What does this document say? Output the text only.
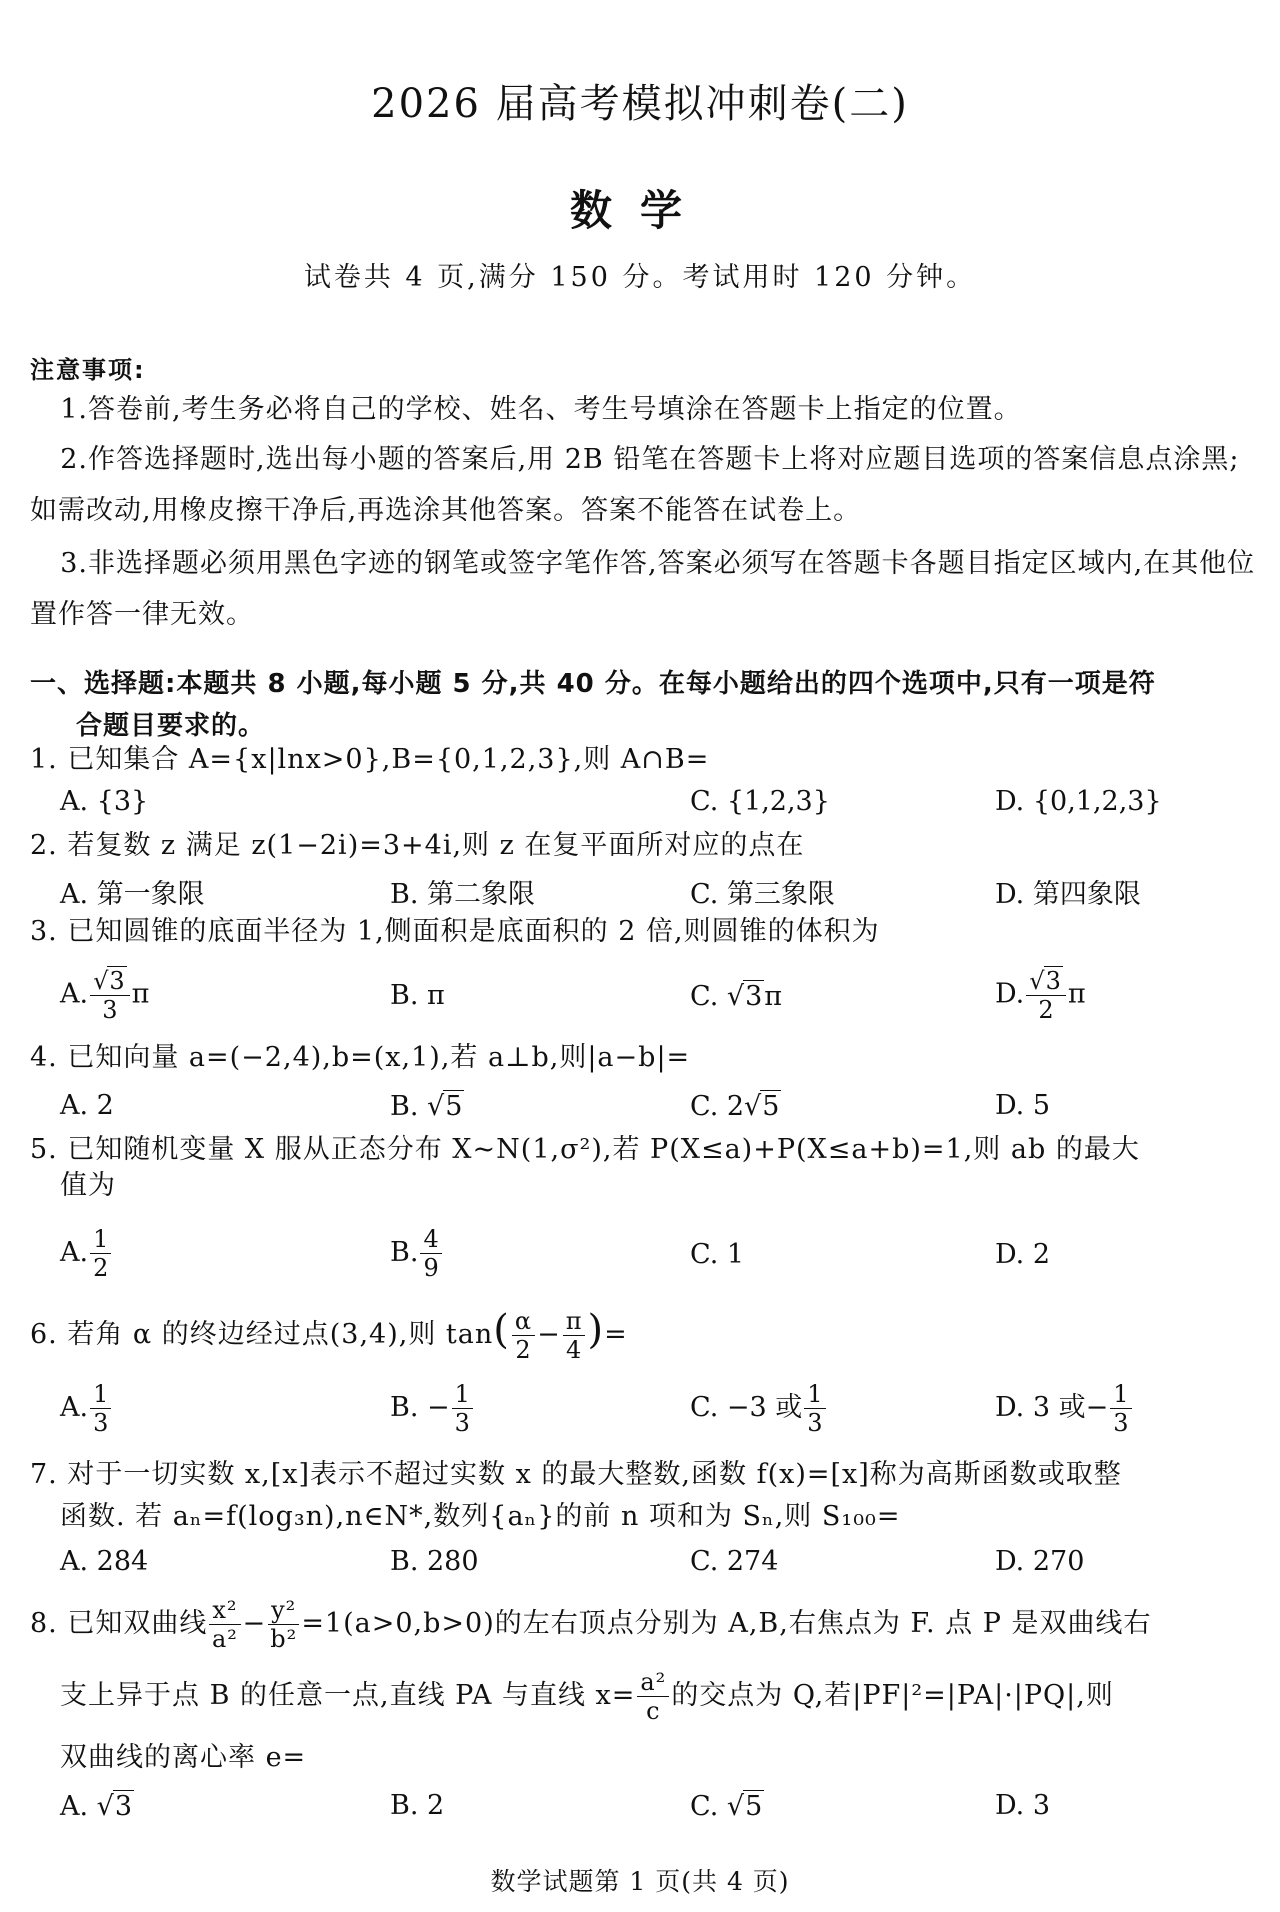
2026 届高考模拟冲刺卷(二)
数学
试卷共 4 页,满分 150 分。考试用时 120 分钟。
注意事项:
1.答卷前,考生务必将自己的学校、姓名、考生号填涂在答题卡上指定的位置。
2.作答选择题时,选出每小题的答案后,用 2B 铅笔在答题卡上将对应题目选项的答案信息点涂黑;如需改动,用橡皮擦干净后,再选涂其他答案。答案不能答在试卷上。
3.非选择题必须用黑色字迹的钢笔或签字笔作答,答案必须写在答题卡各题目指定区域内,在其他位置作答一律无效。
一、选择题:本题共 8 小题,每小题 5 分,共 40 分。在每小题给出的四个选项中,只有一项是符
合题目要求的。
1. 已知集合 A={x|lnx>0},B={0,1,2,3},则 A∩B=
A. {3}	C. {1,2,3}	D. {0,1,2,3}
2. 若复数 z 满足 z(1−2i)=3+4i,则 z 在复平面所对应的点在
A. 第一象限	B. 第二象限	C. 第三象限	D. 第四象限
3. 已知圆锥的底面半径为 1,侧面积是底面积的 2 倍,则圆锥的体积为
A. $\frac{√3}{3}$ π	B. π	C. √3π	D. $\frac{√3}{2}$ π
4. 已知向量 a=(−2,4),b=(x,1),若 a⊥b,则|a−b|=
A. 2	B. √5	C. 2√5	D. 5
5. 已知随机变量 X 服从正态分布 X~N(1,σ²),若 P(X≤a)+P(X≤a+b)=1,则 ab 的最大
值为
A. $\frac{1}{2}$	B. $\frac{4}{9}$	C. 1	D. 2
6. 若角 α 的终边经过点(3,4),则 $\tan( \frac{\alpha}{2} - \frac{\pi}{4}$ )=
A. $\frac{1}{3}$	B. − $\frac{1}{3}$	C. −3 或 $\frac{1}{3}$	D. 3 或− $\frac{1}{3}$
7. 对于一切实数 x,[x]表示不超过实数 x 的最大整数,函数 f(x)=[x]称为高斯函数或取整
函数. 若 aₙ=f(log₃n),n∈N*,数列{aₙ}的前 n 项和为 Sₙ,则 S₁₀₀=
A. 284	B. 280	C. 274	D. 270
8. 已知双曲线 $\frac{\text{x²}}{\text{a²}} - \frac{\text{y²}}{\text{b²}} =1(a>0,b>0)$的左右顶点分别为 A,B,右焦点为 F. 点 P 是双曲线右
支上异于点 B 的任意一点,直线 PA 与直线 $x= \frac{\text{a²}}{c}$ 的交点为 Q,若|PF|²=|PA|·|PQ|,则
双曲线的离心率 e=
A. √3	B. 2	C. √5	D. 3
数学试题第 1 页(共 4 页)
